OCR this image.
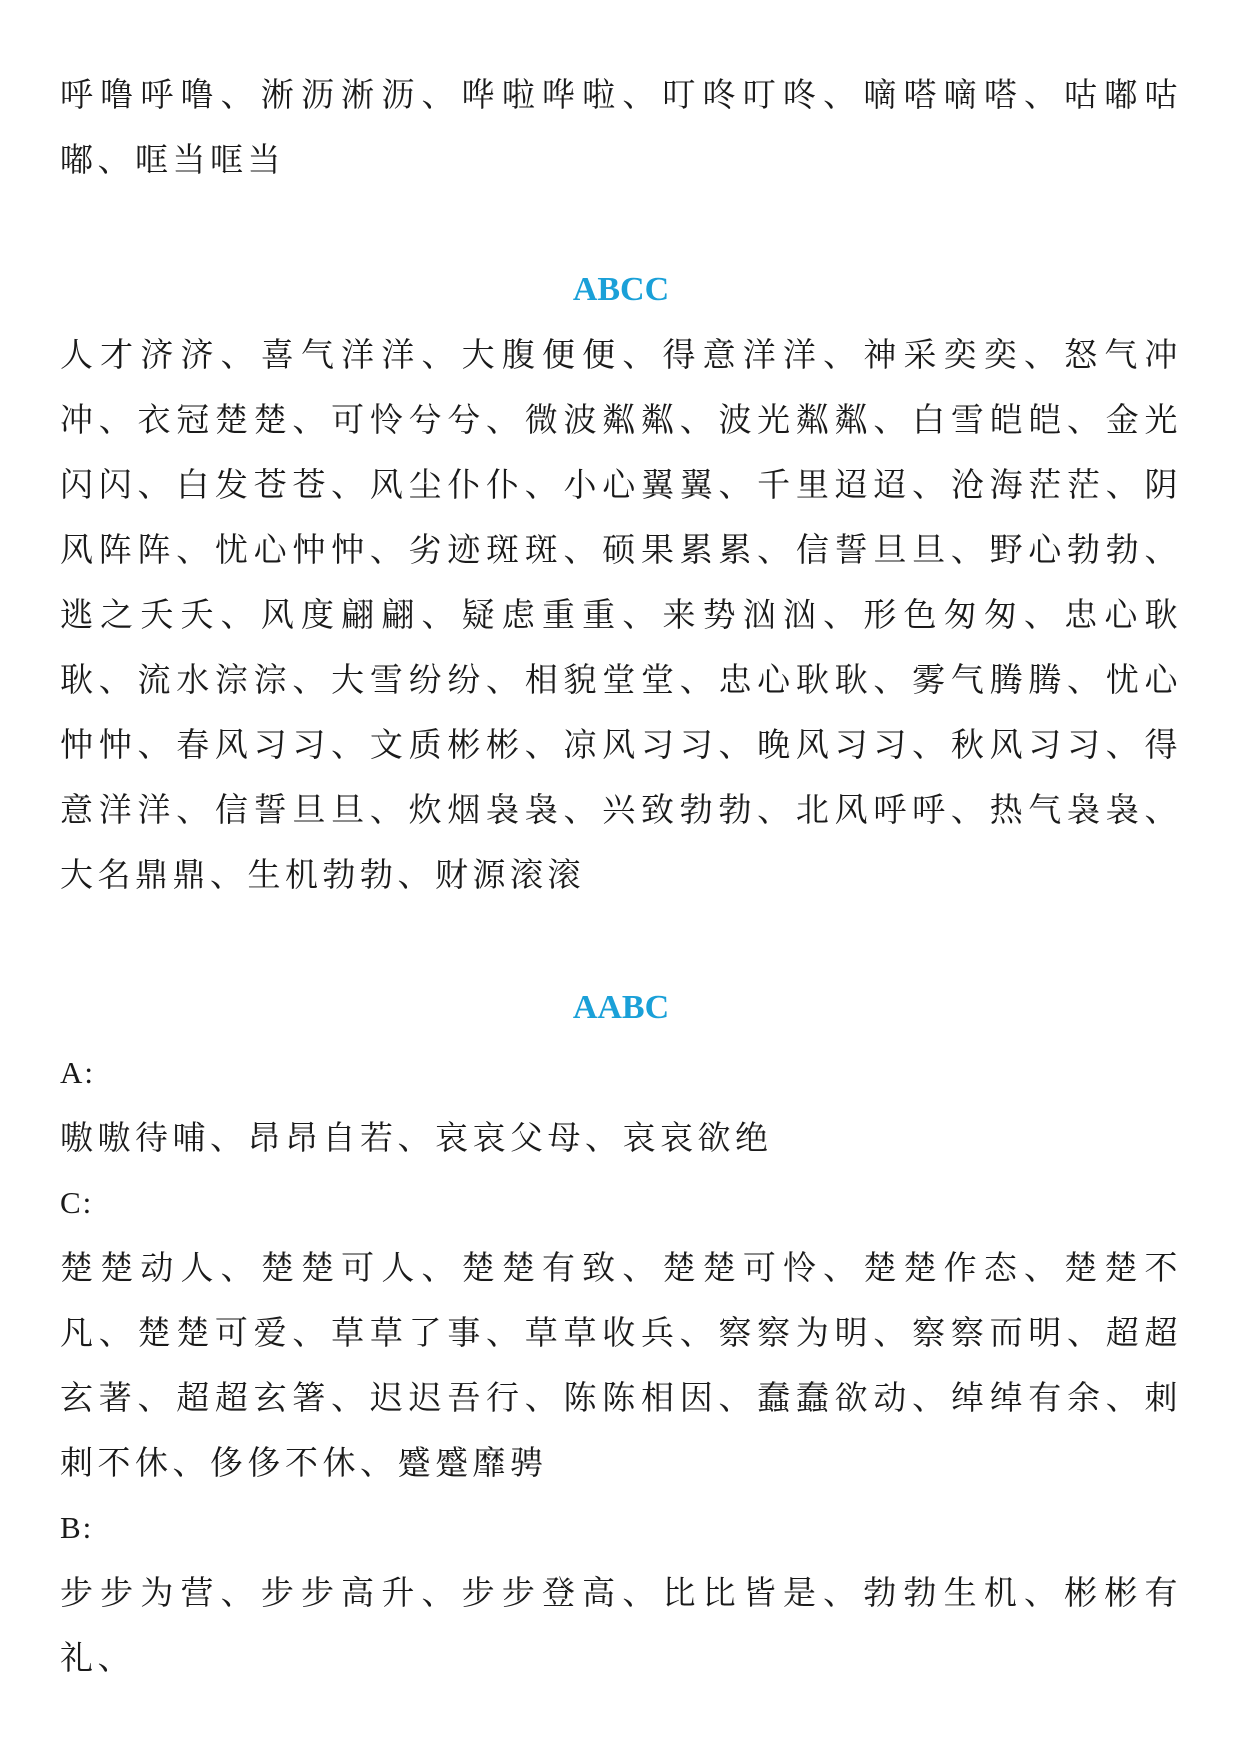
呼噜呼噜、淅沥淅沥、哗啦哗啦、叮咚叮咚、嘀嗒嘀嗒、咕嘟咕嘟、哐当哐当

ABCC

人才济济、喜气洋洋、大腹便便、得意洋洋、神采奕奕、怒气冲冲、衣冠楚楚、可怜兮兮、微波粼粼、波光粼粼、白雪皑皑、金光闪闪、白发苍苍、风尘仆仆、小心翼翼、千里迢迢、沧海茫茫、阴风阵阵、忧心忡忡、劣迹斑斑、硕果累累、信誓旦旦、野心勃勃、逃之夭夭、风度翩翩、疑虑重重、来势汹汹、形色匆匆、忠心耿耿、流水淙淙、大雪纷纷、相貌堂堂、忠心耿耿、雾气腾腾、忧心忡忡、春风习习、文质彬彬、凉风习习、晚风习习、秋风习习、得意洋洋、信誓旦旦、炊烟袅袅、兴致勃勃、北风呼呼、热气袅袅、大名鼎鼎、生机勃勃、财源滚滚

AABC

A:

嗷嗷待哺、昂昂自若、哀哀父母、哀哀欲绝

C:

楚楚动人、楚楚可人、楚楚有致、楚楚可怜、楚楚作态、楚楚不凡、楚楚可爱、草草了事、草草收兵、察察为明、察察而明、超超玄著、超超玄箸、迟迟吾行、陈陈相因、蠢蠢欲动、绰绰有余、刺刺不休、侈侈不休、蹙蹙靡骋

B:

步步为营、步步高升、步步登高、比比皆是、勃勃生机、彬彬有礼、
